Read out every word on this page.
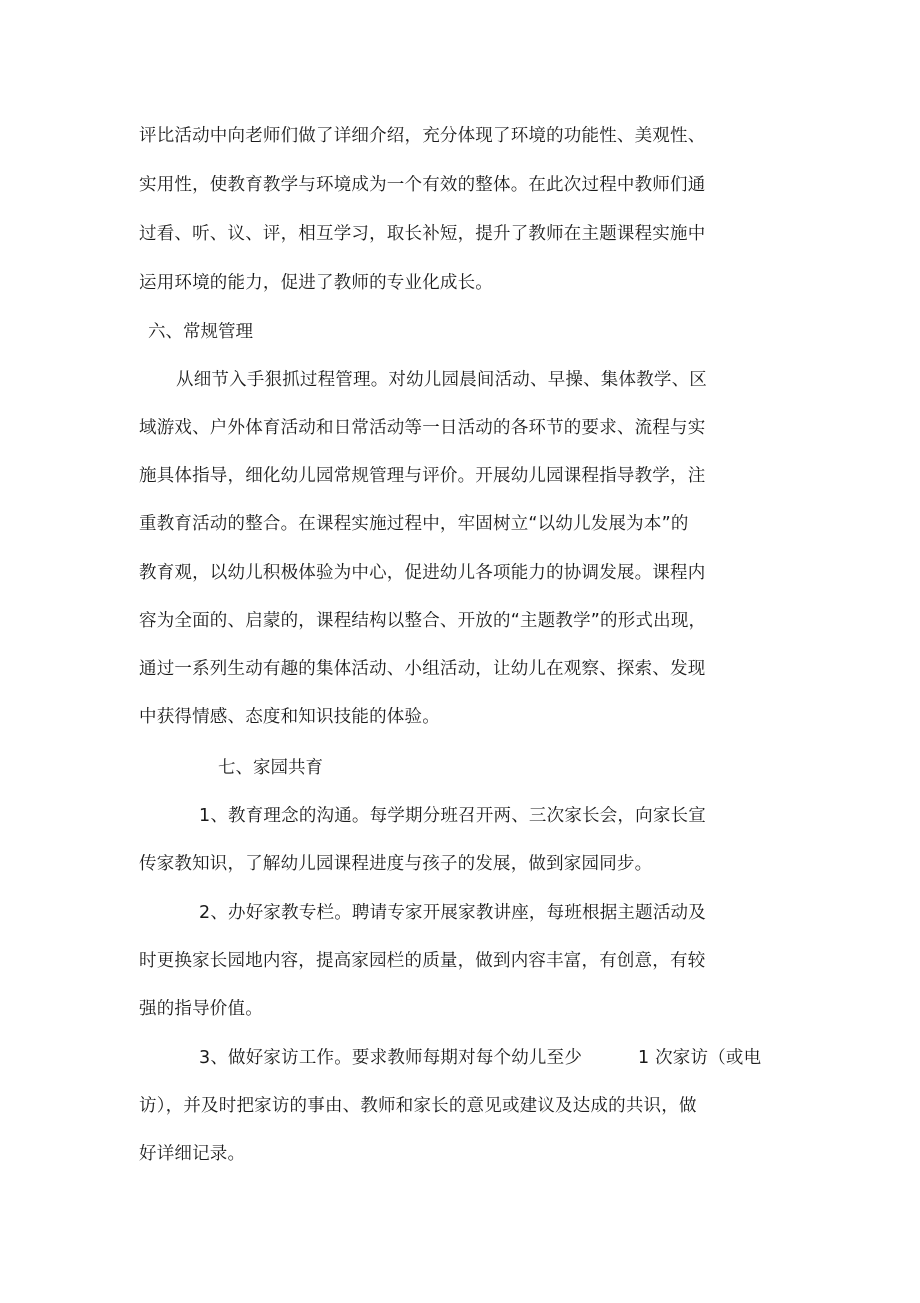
评比活动中向老师们做了详细介绍，充分体现了环境的功能性、美观性、
实用性，使教育教学与环境成为一个有效的整体。在此次过程中教师们通
过看、听、议、评，相互学习，取长补短，提升了教师在主题课程实施中
运用环境的能力，促进了教师的专业化成长。
六、常规管理
从细节入手狠抓过程管理。对幼儿园晨间活动、早操、集体教学、区
域游戏、户外体育活动和日常活动等一日活动的各环节的要求、流程与实
施具体指导，细化幼儿园常规管理与评价。开展幼儿园课程指导教学，注
重教育活动的整合。在课程实施过程中，牢固树立“以幼儿发展为本”的
教育观，以幼儿积极体验为中心，促进幼儿各项能力的协调发展。课程内
容为全面的、启蒙的，课程结构以整合、开放的“主题教学”的形式出现，
通过一系列生动有趣的集体活动、小组活动，让幼儿在观察、探索、发现
中获得情感、态度和知识技能的体验。
七、家园共育
1、教育理念的沟通。每学期分班召开两、三次家长会，向家长宣
传家教知识，了解幼儿园课程进度与孩子的发展，做到家园同步。
2、办好家教专栏。聘请专家开展家教讲座，每班根据主题活动及
时更换家长园地内容，提高家园栏的质量，做到内容丰富，有创意，有较
强的指导价值。
3、做好家访工作。要求教师每期对每个幼儿至少	1 次家访（或电
访），并及时把家访的事由、教师和家长的意见或建议及达成的共识，做
好详细记录。
